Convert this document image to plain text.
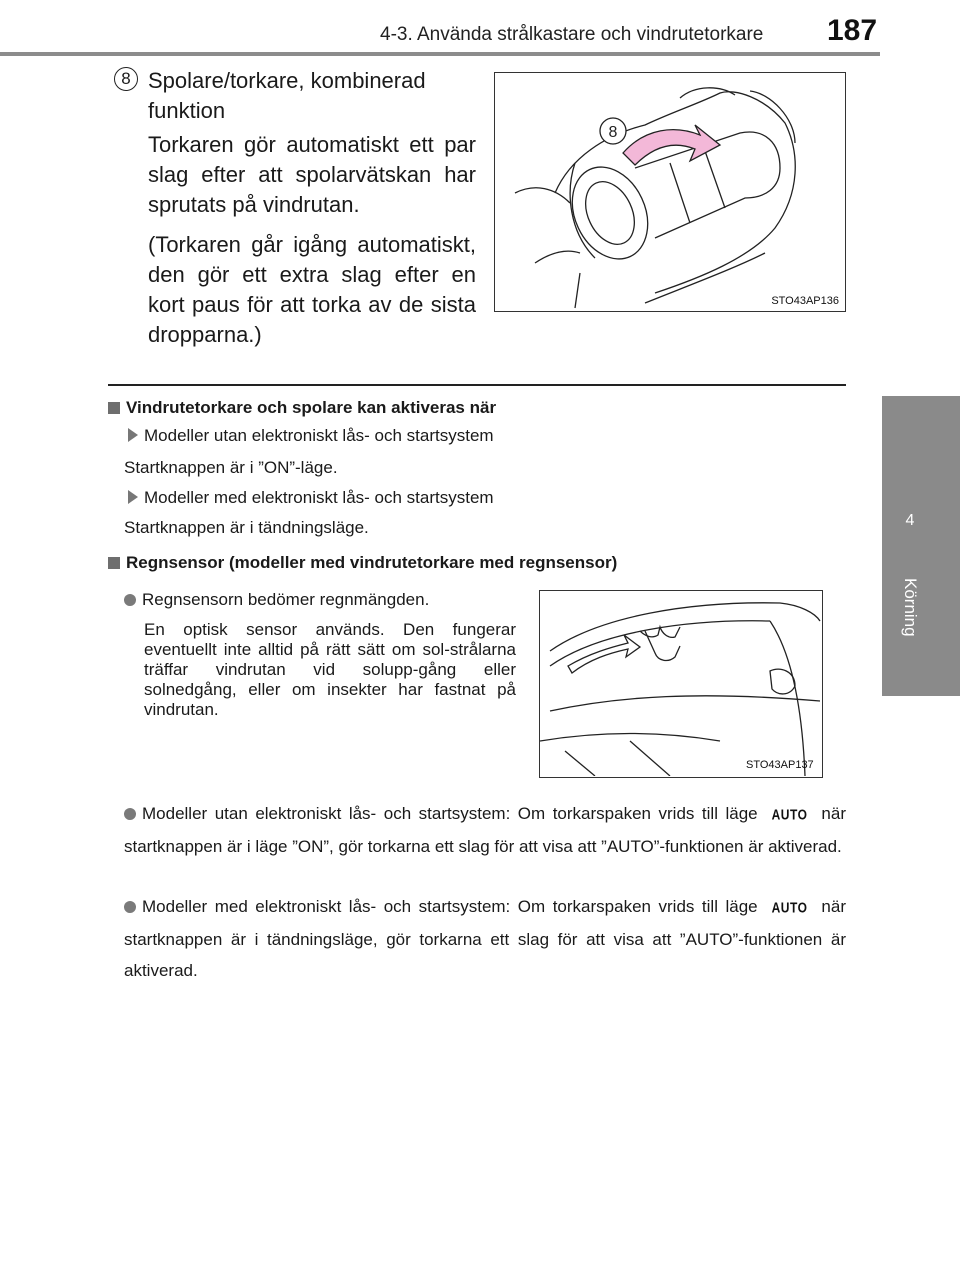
4-3. Använda strålkastare och vindrutetorkare 187
4
Körning
8 Spolare/torkare, kombinerad funktion
Torkaren gör automatiskt ett par slag efter att spolarvätskan har sprutats på vindrutan.
(Torkaren går igång automatiskt, den gör ett extra slag efter en kort paus för att torka av de sista dropparna.)
8
STO43AP136
Vindrutetorkare och spolare kan aktiveras när
Modeller utan elektroniskt lås- och startsystem
Startknappen är i ”ON”-läge.
Modeller med elektroniskt lås- och startsystem
Startknappen är i tändningsläge.
Regnsensor (modeller med vindrutetorkare med regnsensor)
Regnsensorn bedömer regnmängden.
En optisk sensor används. Den fungerar eventuellt inte alltid på rätt sätt om sol-strålarna träffar vindrutan vid solupp-gång eller solnedgång, eller om insekter har fastnat på vindrutan.
STO43AP137
Modeller utan elektroniskt lås- och startsystem: Om torkarspaken vrids till läge AUTO när startknappen är i läge ”ON”, gör torkarna ett slag för att visa att ”AUTO”-funktionen är aktiverad.
Modeller med elektroniskt lås- och startsystem: Om torkarspaken vrids till läge AUTO när startknappen är i tändningsläge, gör torkarna ett slag för att visa att ”AUTO”-funktionen är aktiverad.
